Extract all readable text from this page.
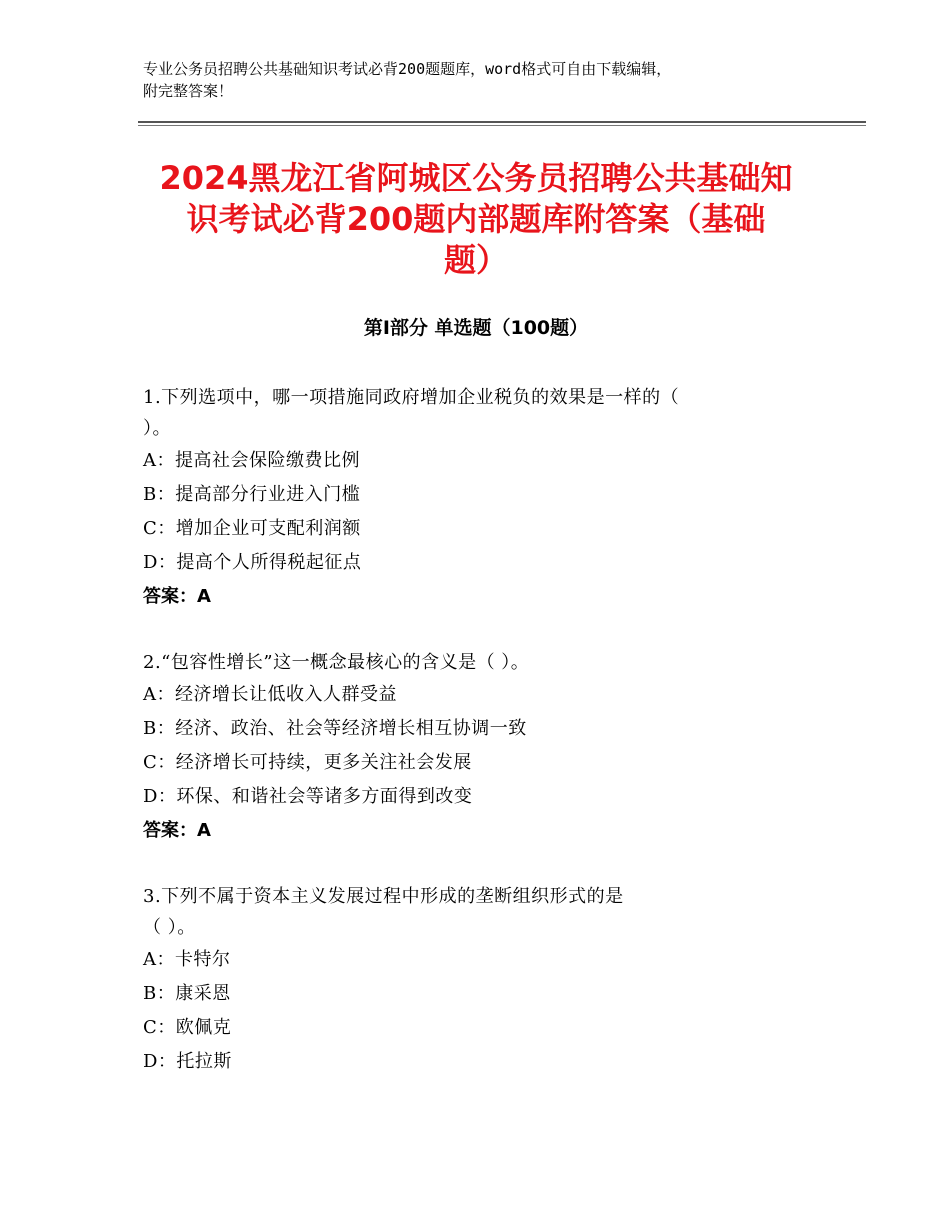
专业公务员招聘公共基础知识考试必背200题题库，word格式可自由下载编辑，
附完整答案！
2024黑龙江省阿城区公务员招聘公共基础知
识考试必背200题内部题库附答案（基础
题）
第Ⅰ部分 单选题（100题）
1.下列选项中，哪一项措施同政府增加企业税负的效果是一样的（
）。
A：提高社会保险缴费比例
B：提高部分行业进入门槛
C：增加企业可支配利润额
D：提高个人所得税起征点
答案：A
2.“包容性增长”这一概念最核心的含义是（ ）。
A：经济增长让低收入人群受益
B：经济、政治、社会等经济增长相互协调一致
C：经济增长可持续，更多关注社会发展
D：环保、和谐社会等诸多方面得到改变
答案：A
3.下列不属于资本主义发展过程中形成的垄断组织形式的是
（ ）。
A：卡特尔
B：康采恩
C：欧佩克
D：托拉斯
